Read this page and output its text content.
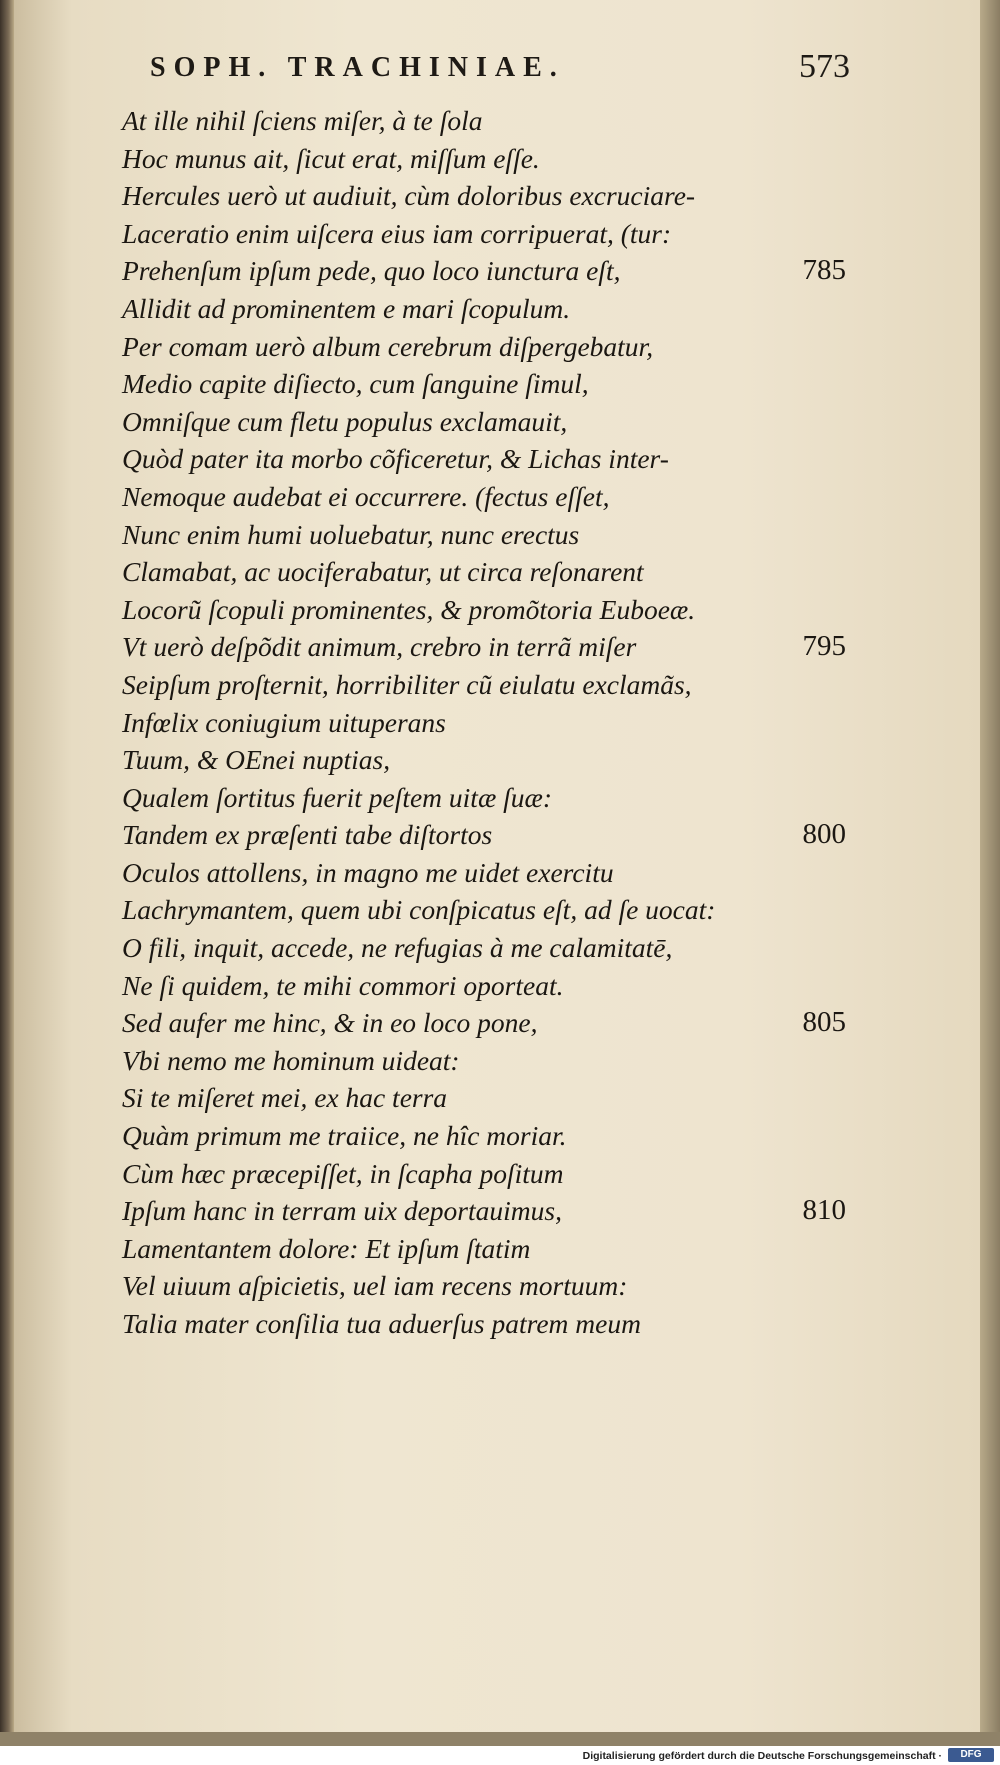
SOPH. TRACHINIAE.	573
At ille nihil ſciens miſer, à te ſola
Hoc munus ait, ſicut erat, miſſum eſſe.
Hercules uerò ut audiuit, cùm doloribus excruciare-
Laceratio enim uiſcera eius iam corripuerat, (tur:
Prehenſum ipſum pede, quo loco iunctura eſt,	785
Allidit ad prominentem e mari ſcopulum.
Per comam uerò album cerebrum diſpergebatur,
Medio capite diſiecto, cum ſanguine ſimul,
Omniſque cum fletu populus exclamauit,
Quòd pater ita morbo cõficeretur, & Lichas inter-
Nemoque audebat ei occurrere. (fectus eſſet,
Nunc enim humi uoluebatur, nunc erectus
Clamabat, ac uociferabatur, ut circa reſonarent
Locorũ ſcopuli prominentes, & promõtoria Euboeæ.
Vt uerò deſpõdit animum, crebro in terrã miſer	795
Seipſum proſternit, horribiliter cũ eiulatu exclamãs,
Infœlix coniugium uituperans
Tuum, & OEnei nuptias,
Qualem ſortitus fuerit peſtem uitæ ſuæ:
Tandem ex præſenti tabe diſtortos	800
Oculos attollens, in magno me uidet exercitu
Lachrymantem, quem ubi conſpicatus eſt, ad ſe uocat:
O fili, inquit, accede, ne refugias à me calamitatē,
Ne ſi quidem, te mihi commori oporteat.
Sed aufer me hinc, & in eo loco pone,	805
Vbi nemo me hominum uideat:
Si te miſeret mei, ex hac terra
Quàm primum me traiice, ne hîc moriar.
Cùm hæc præcepiſſet, in ſcapha poſitum
Ipſum hanc in terram uix deportauimus,	810
Lamentantem dolore: Et ipſum ſtatim
Vel uiuum aſpicietis, uel iam recens mortuum:
Talia mater conſilia tua aduerſus patrem meum
Digitalisierung gefördert durch die Deutsche Forschungsgemeinschaft ·	DFG
